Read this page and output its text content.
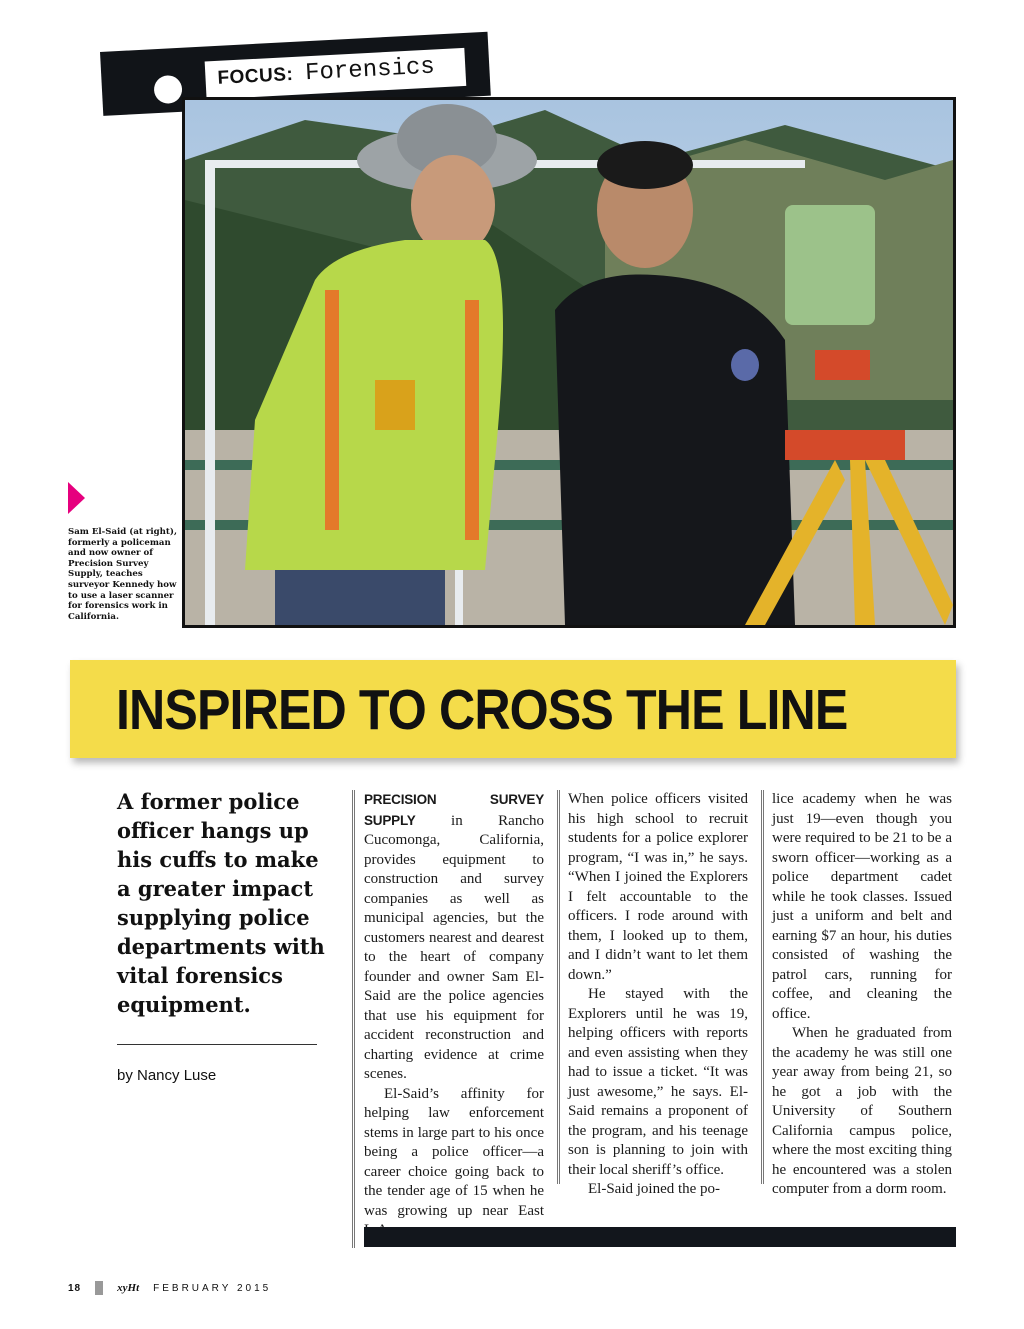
FOCUS: Forensics
Sam El-Said (at right), formerly a policeman and now owner of Precision Survey Supply, teaches surveyor Kennedy how to use a laser scanner for forensics work in California.
INSPIRED TO CROSS THE LINE
A former police officer hangs up his cuffs to make a greater impact supplying police departments with vital forensics equipment.
by Nancy Luse

PRECISION SURVEY SUPPLY in Rancho Cucomonga, California, provides equipment to construction and survey companies as well as municipal agencies, but the customers nearest and dearest to the heart of company founder and owner Sam El-Said are the police agencies that use his equipment for accident reconstruction and charting evidence at crime scenes.

El-Said’s affinity for helping law enforcement stems in large part to his once being a police officer—a career choice going back to the tender age of 15 when he was growing up near East

When police officers visited his high school to recruit students for a police explorer program, “I was in,” he says. “When I joined the Explorers I felt accountable to the officers. I rode around with them, I looked up to them, and I didn’t want to let them down.”

He stayed with the Explorers until he was 19, helping officers with reports and even assisting when they had to issue a ticket. “It was just awesome,” he says. El-Said remains a proponent of the program, and his teenage son is planning to join with their local sheriff’s office.

El-Said joined the po-

lice academy when he was just 19—even though you were required to be 21 to be a sworn officer—working as a police department cadet while he took classes. Issued just a uniform and belt and earning $7 an hour, his duties consisted of washing the patrol cars, running for coffee, and cleaning the office.

When he graduated from the academy he was still one year away from being 21, so he got a job with the University of Southern California campus police, where the most exciting thing he encountered was a stolen computer from a dorm room.

18	xyHt FEBRUARY 2015
